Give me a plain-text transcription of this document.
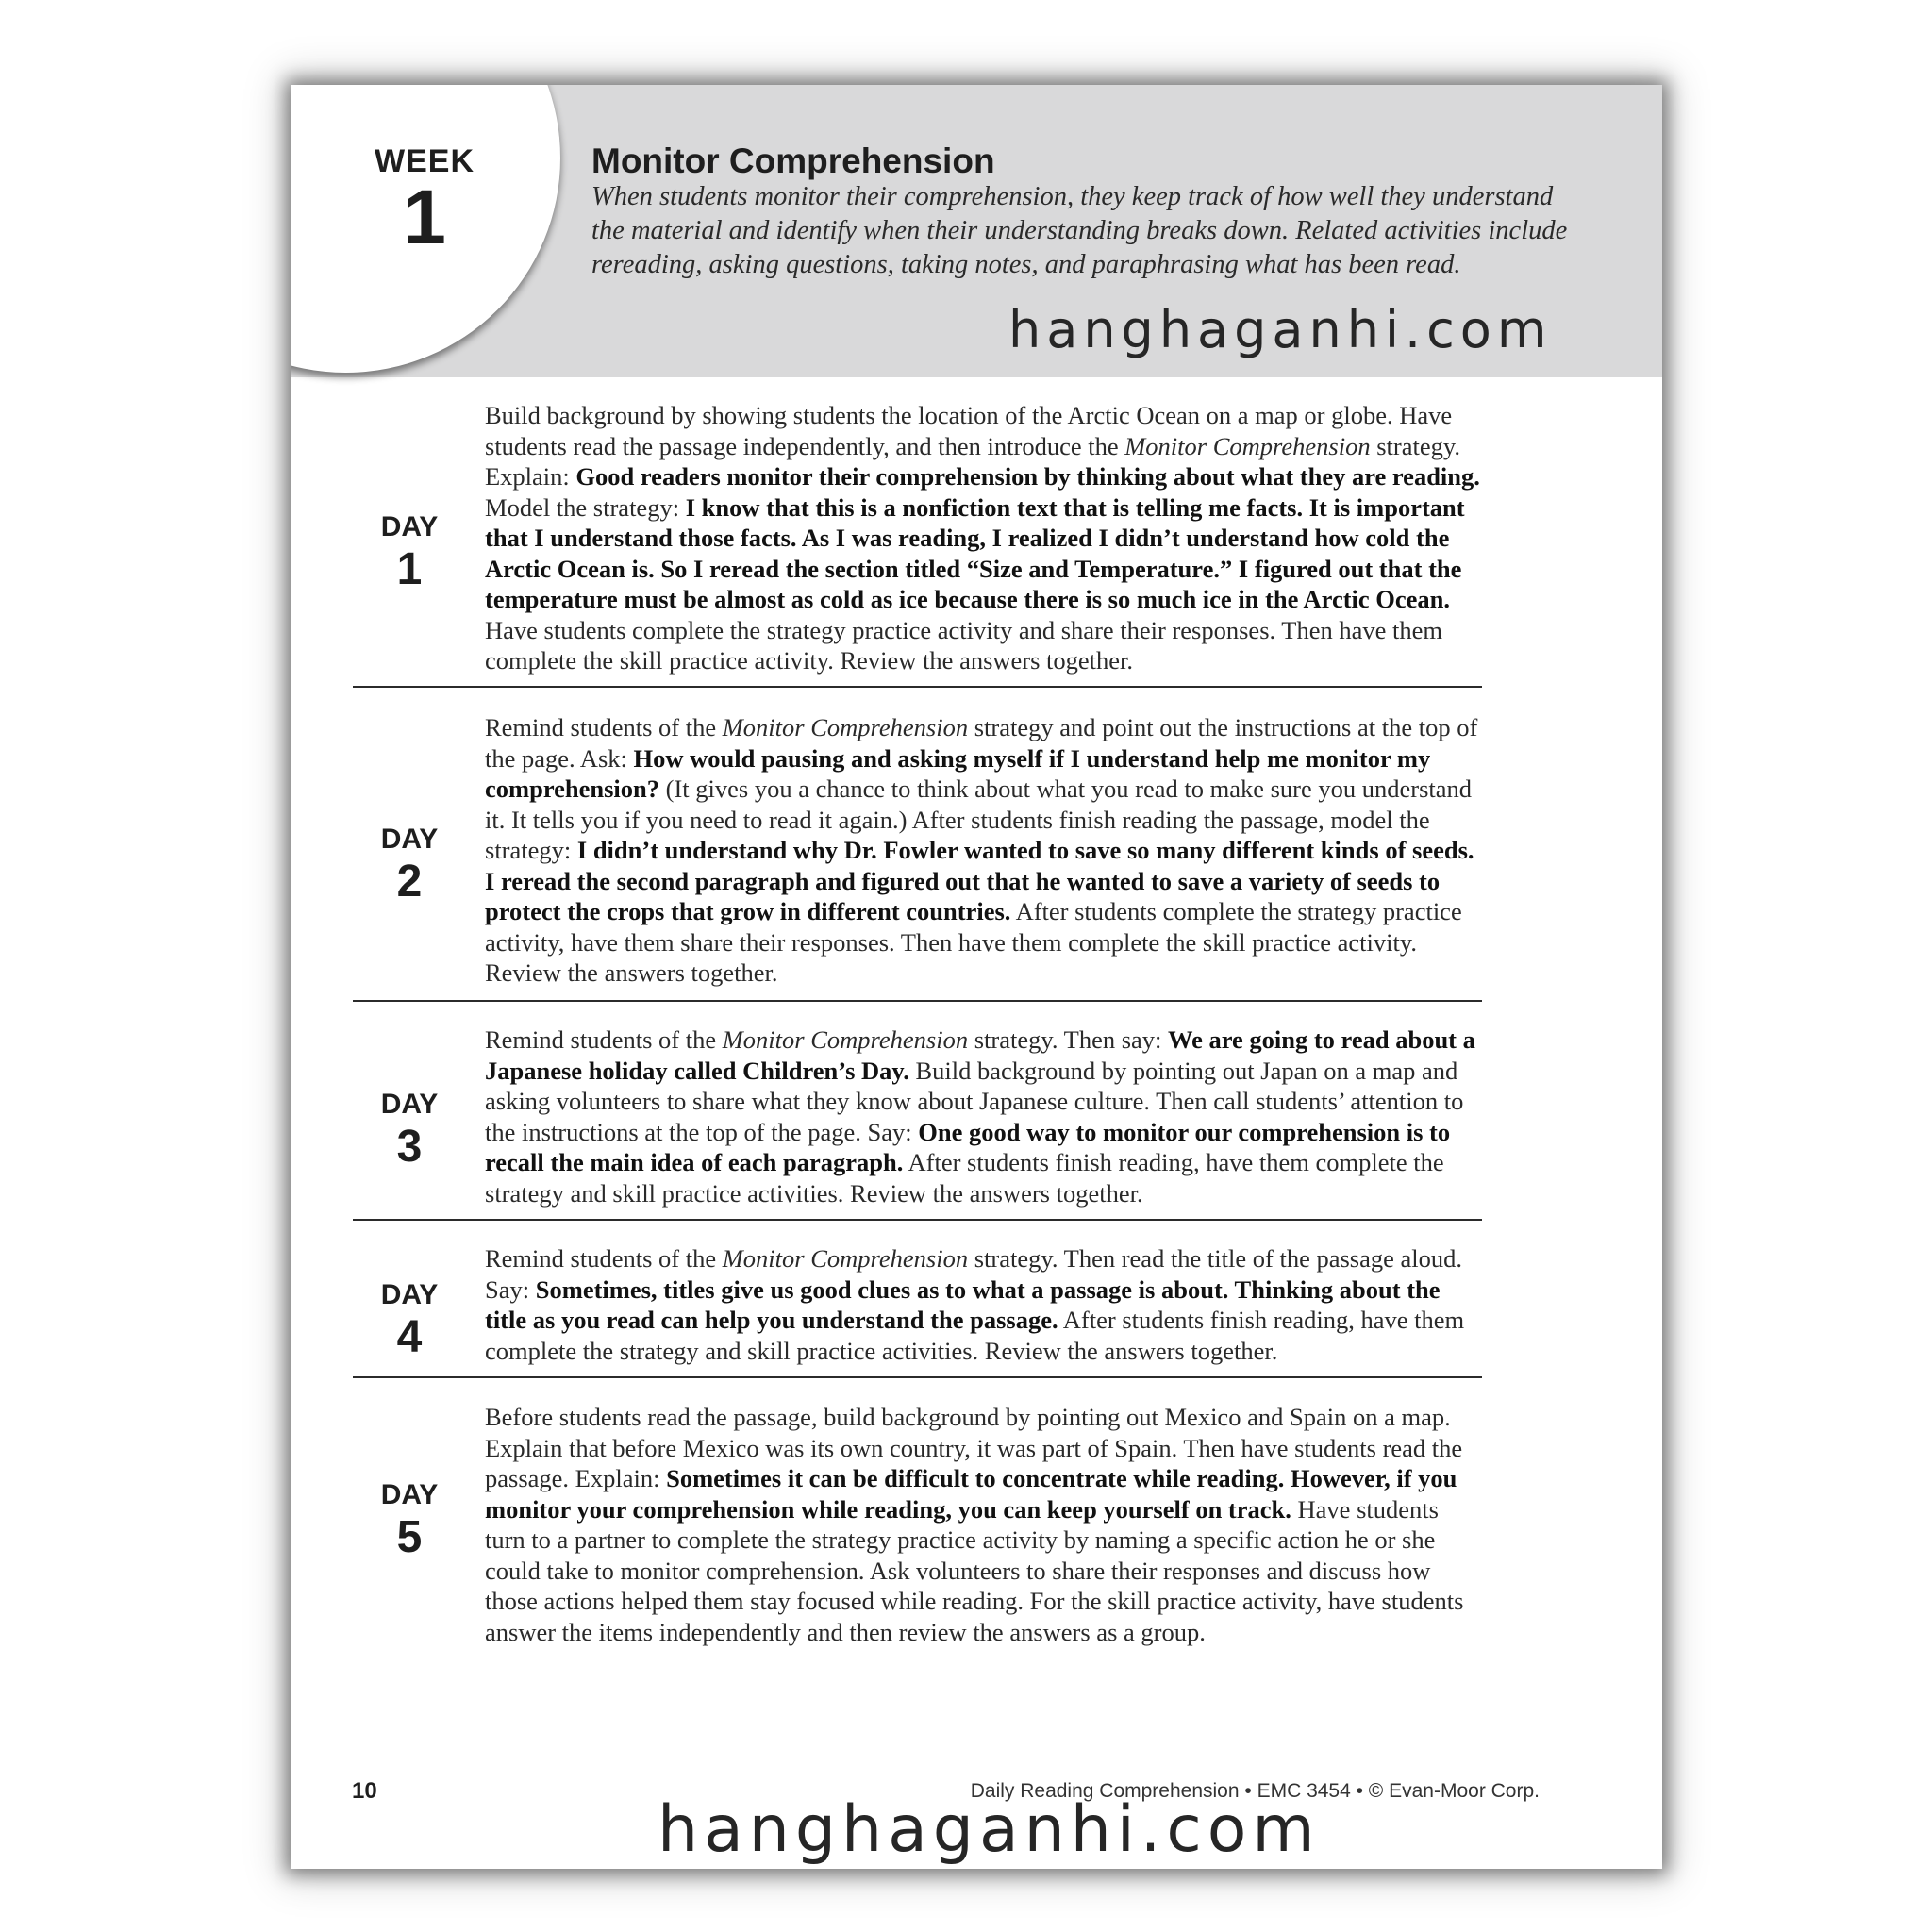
WEEK
1
Monitor Comprehension

When students monitor their comprehension, they keep track of how well they understand the material and identify when their understanding breaks down. Related activities include rereading, asking questions, taking notes, and paraphrasing what has been read.

hanghaganhi.com
DAY
1

Build background by showing students the location of the Arctic Ocean on a map or globe. Have students read the passage independently, and then introduce the Monitor Comprehension strategy. Explain: Good readers monitor their comprehension by thinking about what they are reading. Model the strategy: I know that this is a nonfiction text that is telling me facts. It is important that I understand those facts. As I was reading, I realized I didn’t understand how cold the Arctic Ocean is. So I reread the section titled “Size and Temperature.” I figured out that the temperature must be almost as cold as ice because there is so much ice in the Arctic Ocean. Have students complete the strategy practice activity and share their responses. Then have them complete the skill practice activity. Review the answers together.

DAY
2

Remind students of the Monitor Comprehension strategy and point out the instructions at the top of the page. Ask: How would pausing and asking myself if I understand help me monitor my comprehension? (It gives you a chance to think about what you read to make sure you understand it. It tells you if you need to read it again.) After students finish reading the passage, model the strategy: I didn’t understand why Dr. Fowler wanted to save so many different kinds of seeds. I reread the second paragraph and figured out that he wanted to save a variety of seeds to protect the crops that grow in different countries. After students complete the strategy practice activity, have them share their responses. Then have them complete the skill practice activity. Review the answers together.

DAY
3

Remind students of the Monitor Comprehension strategy. Then say: We are going to read about a Japanese holiday called Children’s Day. Build background by pointing out Japan on a map and asking volunteers to share what they know about Japanese culture. Then call students’ attention to the instructions at the top of the page. Say: One good way to monitor our comprehension is to recall the main idea of each paragraph. After students finish reading, have them complete the strategy and skill practice activities. Review the answers together.

DAY
4

Remind students of the Monitor Comprehension strategy. Then read the title of the passage aloud. Say: Sometimes, titles give us good clues as to what a passage is about. Thinking about the title as you read can help you understand the passage. After students finish reading, have them complete the strategy and skill practice activities. Review the answers together.

DAY
5

Before students read the passage, build background by pointing out Mexico and Spain on a map. Explain that before Mexico was its own country, it was part of Spain. Then have students read the passage. Explain: Sometimes it can be difficult to concentrate while reading. However, if you monitor your comprehension while reading, you can keep yourself on track. Have students turn to a partner to complete the strategy practice activity by naming a specific action he or she could take to monitor comprehension. Ask volunteers to share their responses and discuss how those actions helped them stay focused while reading. For the skill practice activity, have students answer the items independently and then review the answers as a group.

10	Daily Reading Comprehension • EMC 3454 • © Evan-Moor Corp.
hanghaganhi.com
